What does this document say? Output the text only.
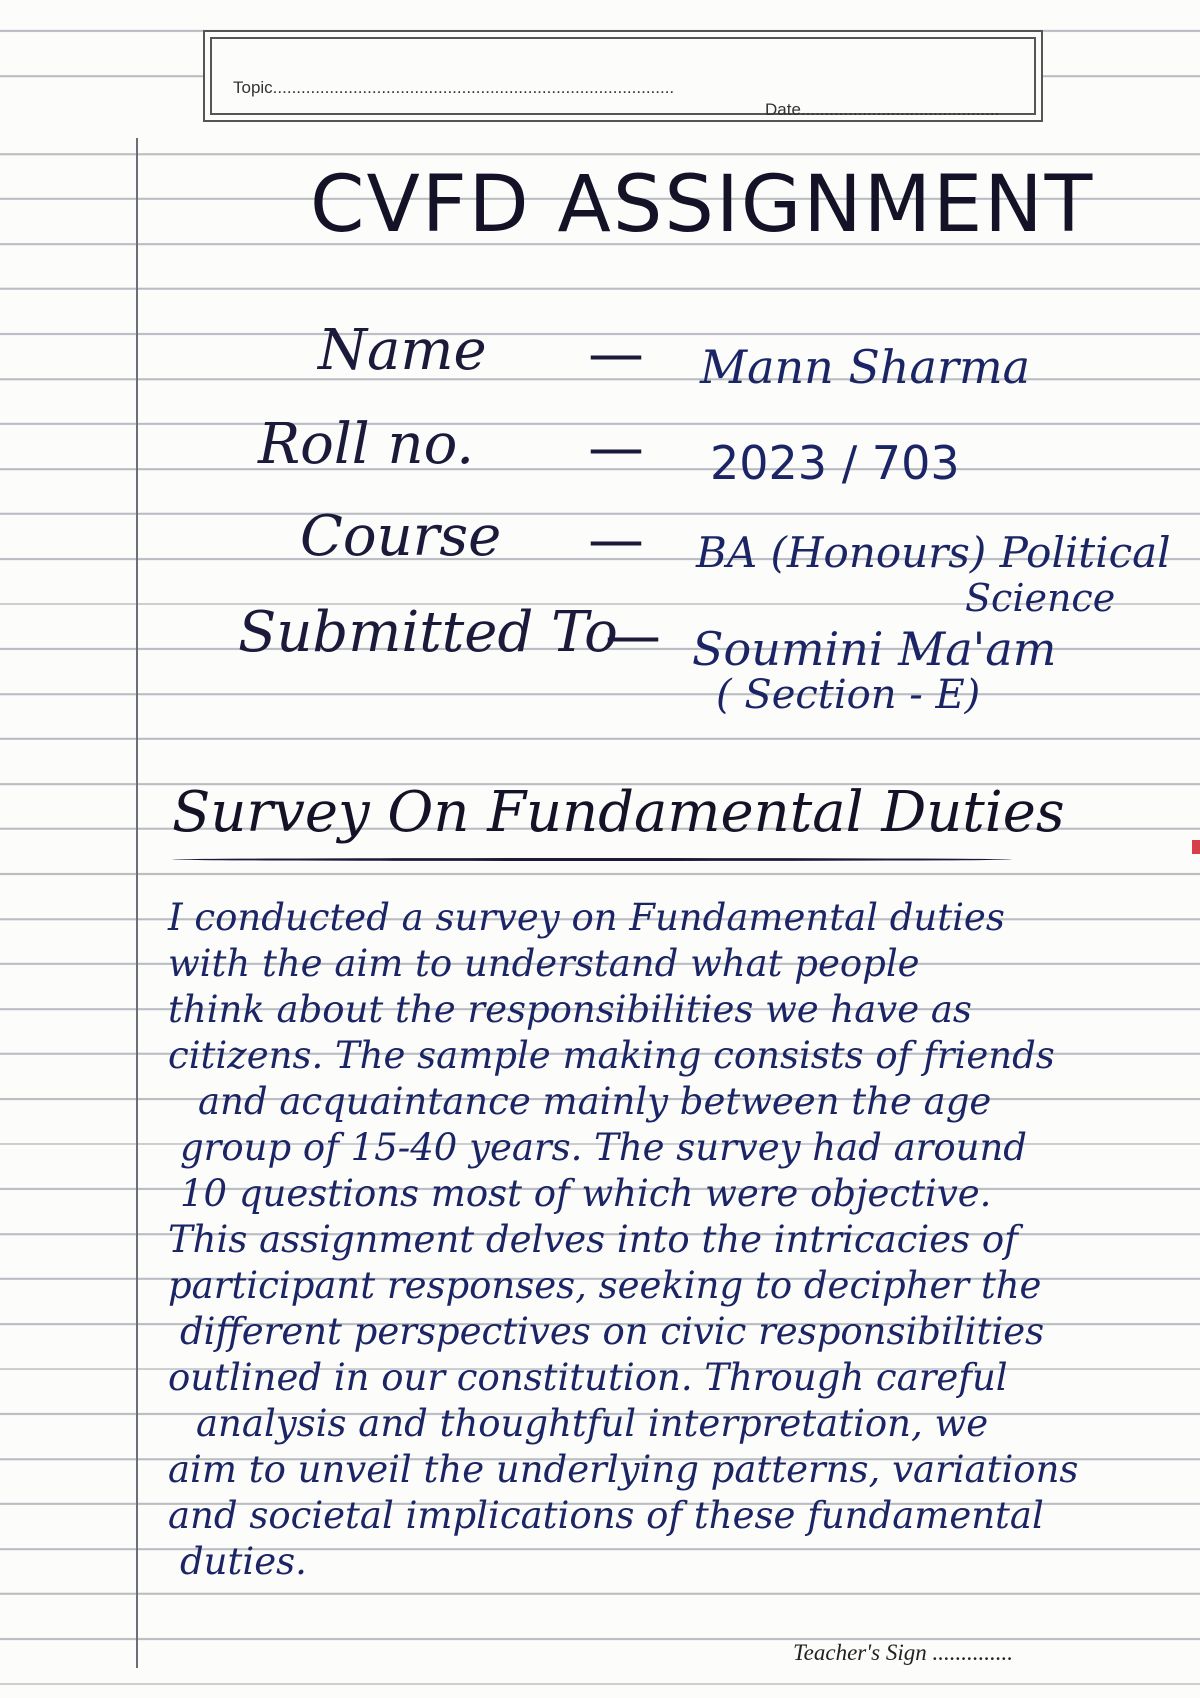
Topic.....................................................................................
Date..........................................
CVFD ASSIGNMENT
Name — Mann Sharma
Roll no. — 2023 / 703
Course — BA (Honours) Political
Science
Submitted To
— Soumini Ma'am
( Section - E)
Survey On Fundamental Duties
I conducted a survey on Fundamental duties
with the aim to understand what people
think about the responsibilities we have as
citizens. The sample making consists of friends
and acquaintance mainly between the age
group of 15-40 years. The survey had around
10 questions most of which were objective.
This assignment delves into the intricacies of
participant responses, seeking to decipher the
different perspectives on civic responsibilities
outlined in our constitution. Through careful
analysis and thoughtful interpretation, we
aim to unveil the underlying patterns, variations
and societal implications of these fundamental
duties.
Teacher's Sign ..............
